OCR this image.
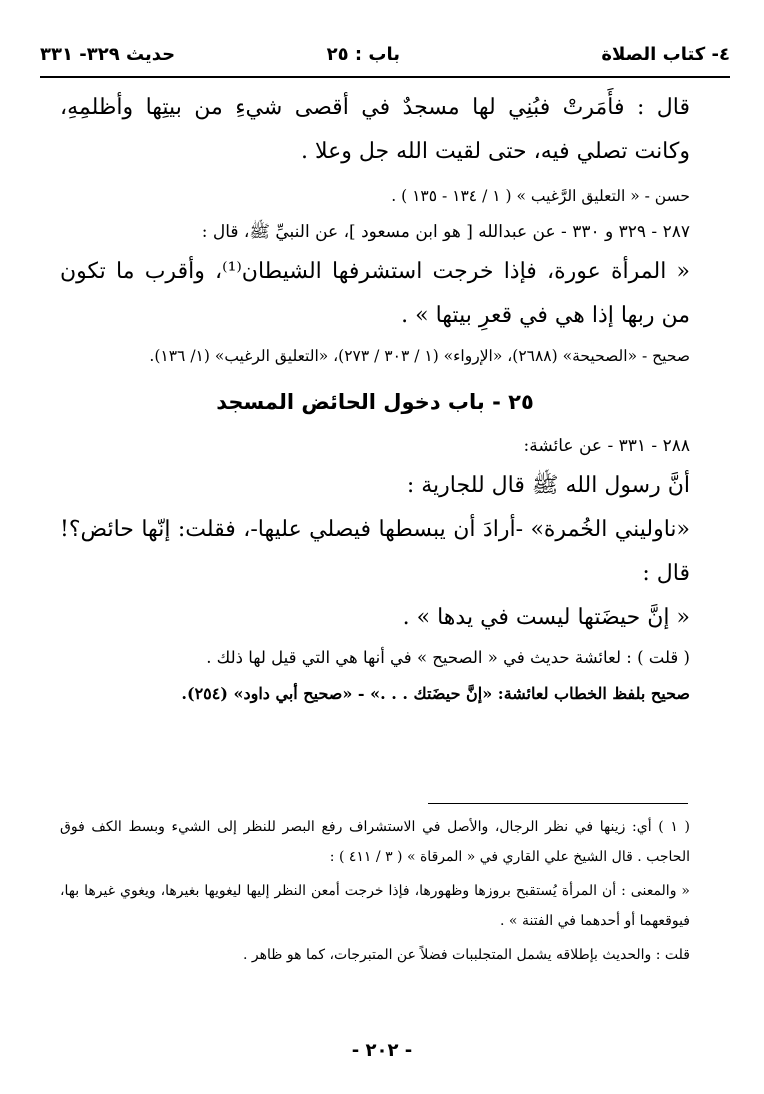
٤- كتاب الصلاة
باب : ٢٥
حديث ٣٢٩- ٣٣١

قال : فأَمَرتْ فبُنِي لها مسجدٌ في أقصى شيءِ من بيتِها وأظلمِهِ، وكانت تصلي فيه، حتى لقيت الله جل وعلا .

حسن - « التعليق الرَّغيب » ( ١ / ١٣٤ - ١٣٥ ) .

٢٨٧ - ٣٢٩ و ٣٣٠ - عن عبدالله [ هو ابن مسعود ]، عن النبيِّ ﷺ، قال :

« المرأة عورة، فإذا خرجت استشرفها الشيطان⁽¹⁾، وأقرب ما تكون من ربها إذا هي في قعرِ بيتها » .

صحيح - «الصحيحة» (٢٦٨٨)، «الإرواء» (١ / ٣٠٣ / ٢٧٣)، «التعليق الرغيب» (١/ ١٣٦).

٢٥ - باب دخول الحائض المسجد

٢٨٨ - ٣٣١ - عن عائشة:

أنَّ رسول الله ﷺ قال للجارية :

«ناوليني الخُمرة» -أرادَ أن يبسطها فيصلي عليها-، فقلت: إنّها حائض؟! قال :

« إنَّ حيضَتها ليست في يدها » .

( قلت ) : لعائشة حديث في « الصحيح » في أنها هي التي قيل لها ذلك .

صحيح بلفظ الخطاب لعائشة: «إنَّ حيضَتك . . .» - «صحيح أبي داود» (٢٥٤).

( ١ ) أي: زينها في نظر الرجال، والأصل في الاستشراف رفع البصر للنظر إلى الشيء وبسط الكف فوق الحاجب . قال الشيخ علي القاري في « المرقاة » ( ٣ / ٤١١ ) :

« والمعنى : أن المرأة يُستقبح بروزها وظهورها، فإذا خرجت أمعن النظر إليها ليغويها بغيرها، ويغوي غيرها بها، فيوقعهما أو أحدهما في الفتنة » .

قلت : والحديث بإطلاقه يشمل المتجلببات فضلاً عن المتبرجات، كما هو ظاهر .

- ٢٠٢ -
